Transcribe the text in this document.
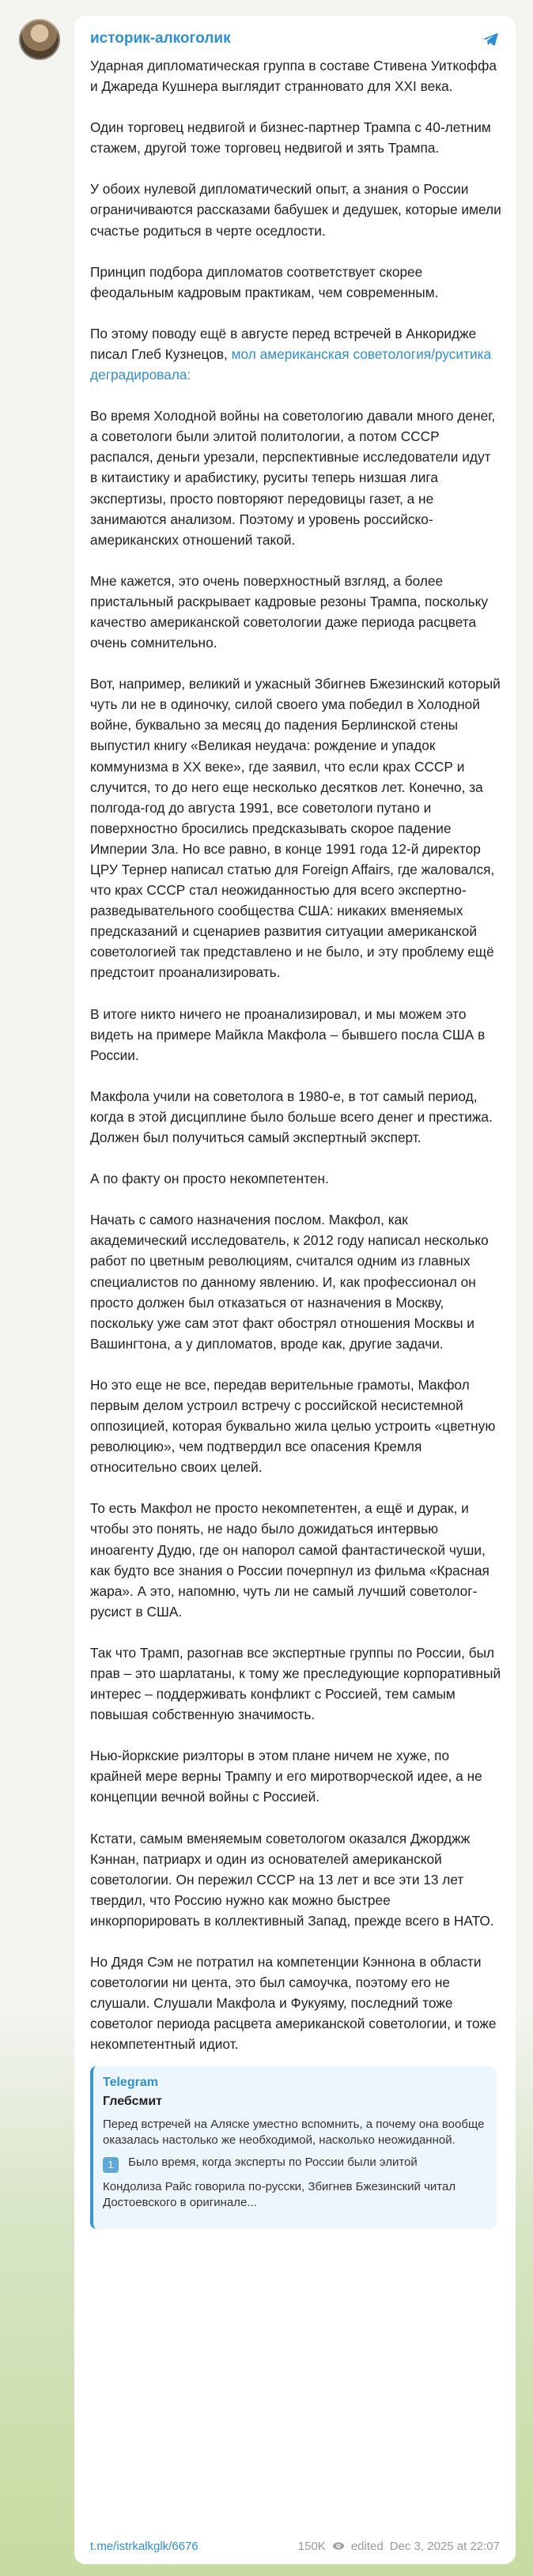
историк-алкоголик

Ударная дипломатическая группа в составе Стивена Уиткоффа и Джареда Кушнера выглядит странновато для XXI века.

Один торговец недвигой и бизнес-партнер Трампа с 40-летним стажем, другой тоже торговец недвигой и зять Трампа.

У обоих нулевой дипломатический опыт, а знания о России ограничиваются рассказами бабушек и дедушек, которые имели счастье родиться в черте оседлости.

Принцип подбора дипломатов соответствует скорее феодальным кадровым практикам, чем современным.

По этому поводу ещё в августе перед встречей в Анкоридже писал Глеб Кузнецов, мол американская советология/руситика деградировала:

Во время Холодной войны на советологию давали много денег, а советологи были элитой политологии, а потом СССР распался, деньги урезали, перспективные исследователи идут в китаистику и арабистику, руситы теперь низшая лига экспертизы, просто повторяют передовицы газет, а не занимаются анализом. Поэтому и уровень российско-американских отношений такой.

Мне кажется, это очень поверхностный взгляд, а более пристальный раскрывает кадровые резоны Трампа, поскольку качество американской советологии даже периода расцвета очень сомнительно.

Вот, например, великий и ужасный Збигнев Бжезинский который чуть ли не в одиночку, силой своего ума победил в Холодной войне, буквально за месяц до падения Берлинской стены выпустил книгу «Великая неудача: рождение и упадок коммунизма в XX веке», где заявил, что если крах СССР и случится, то до него еще несколько десятков лет. Конечно, за полгода-год до августа 1991, все советологи путано и поверхностно бросились предсказывать скорое падение Империи Зла. Но все равно, в конце 1991 года 12-й директор ЦРУ Тернер написал статью для Foreign Affairs, где жаловался, что крах СССР стал неожиданностью для всего экспертно-разведывательного сообщества США: никаких вменяемых предсказаний и сценариев развития ситуации американской советологией так представлено и не было, и эту проблему ещё предстоит проанализировать.

В итоге никто ничего не проанализировал, и мы можем это видеть на примере Майкла Макфола – бывшего посла США в России.

Макфола учили на советолога в 1980-е, в тот самый период, когда в этой дисциплине было больше всего денег и престижа. Должен был получиться самый экспертный эксперт.

А по факту он просто некомпетентен.

Начать с самого назначения послом. Макфол, как академический исследователь, к 2012 году написал несколько работ по цветным революциям, считался одним из главных специалистов по данному явлению. И, как профессионал он просто должен был отказаться от назначения в Москву, поскольку уже сам этот факт обострял отношения Москвы и Вашингтона, а у дипломатов, вроде как, другие задачи.

Но это еще не все, передав верительные грамоты, Макфол первым делом устроил встречу с российской несистемной оппозицией, которая буквально жила целью устроить «цветную революцию», чем подтвердил все опасения Кремля относительно своих целей.

То есть Макфол не просто некомпетентен, а ещё и дурак, и чтобы это понять, не надо было дожидаться интервью иноагенту Дудю, где он напорол самой фантастической чуши, как будто все знания о России почерпнул из фильма «Красная жара». А это, напомню, чуть ли не самый лучший советолог-русист в США.

Так что Трамп, разогнав все экспертные группы по России, был прав – это шарлатаны, к тому же преследующие корпоративный интерес – поддерживать конфликт с Россией, тем самым повышая собственную значимость.

Нью-йоркские риэлторы в этом плане ничем не хуже, по крайней мере верны Трампу и его миротворческой идее, а не концепции вечной войны с Россией.

Кстати, самым вменяемым советологом оказался Джорджж Кэннан, патриарх и один из основателей американской советологии. Он пережил СССР на 13 лет и все эти 13 лет твердил, что Россию нужно как можно быстрее инкорпорировать в коллективный Запад, прежде всего в НАТО.

Но Дядя Сэм не потратил на компетенции Кэннона в области советологии ни цента, это был самоучка, поэтому его не слушали. Слушали Макфола и Фукуяму, последний тоже советолог периода расцвета американской советологии, и тоже некомпетентный идиот.

Telegram
Глебсмит
Перед встречей на Аляске уместно вспомнить, а почему она вообще оказалась настолько же необходимой, насколько неожиданной.
1 Было время, когда эксперты по России были элитой
Кондолиза Райс говорила по-русски, Збигнев Бжезинский читал Достоевского в оригинале...
t.me/istrkalkglk/6676	150K edited Dec 3, 2025 at 22:07
